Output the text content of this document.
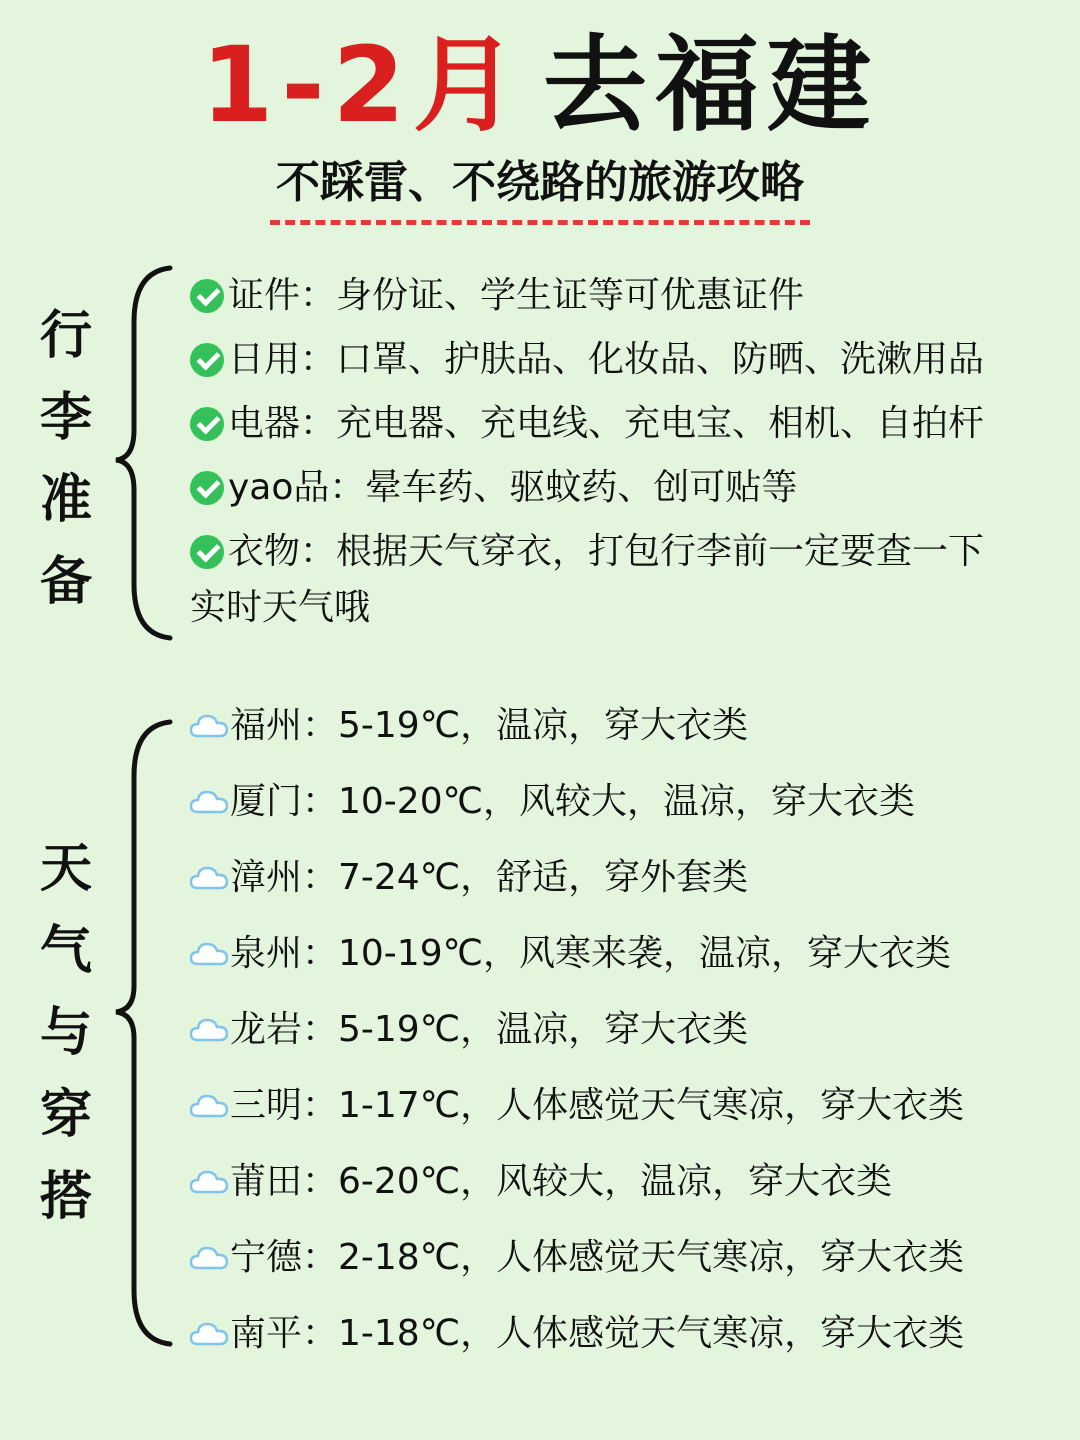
1-2月 去福建
不踩雷、不绕路的旅游攻略
行
李
准
备
证件：身份证、学生证等可优惠证件
日用：口罩、护肤品、化妆品、防晒、洗漱用品
电器：充电器、充电线、充电宝、相机、自拍杆
yao品：晕车药、驱蚊药、创可贴等
衣物：根据天气穿衣，打包行李前一定要查一下
实时天气哦
天
气
与
穿
搭
福州：5-19℃，温凉，穿大衣类
厦门：10-20℃，风较大，温凉，穿大衣类
漳州：7-24℃，舒适，穿外套类
泉州：10-19℃，风寒来袭，温凉，穿大衣类
龙岩：5-19℃，温凉，穿大衣类
三明：1-17℃，人体感觉天气寒凉，穿大衣类
莆田：6-20℃，风较大，温凉，穿大衣类
宁德：2-18℃，人体感觉天气寒凉，穿大衣类
南平：1-18℃，人体感觉天气寒凉，穿大衣类
